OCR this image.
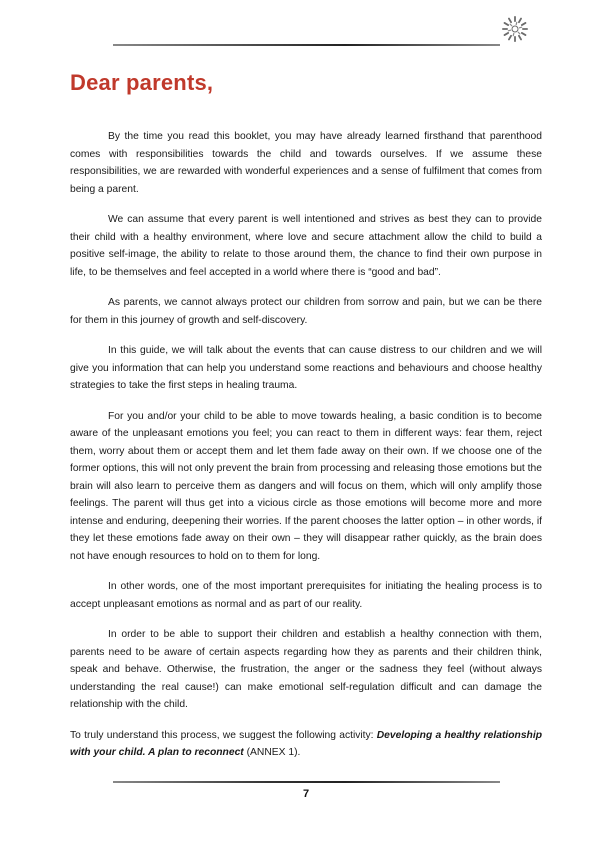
Dear parents,

By the time you read this booklet, you may have already learned firsthand that parenthood comes with responsibilities towards the child and towards ourselves. If we assume these responsibilities, we are rewarded with wonderful experiences and a sense of fulfilment that comes from being a parent.

We can assume that every parent is well intentioned and strives as best they can to provide their child with a healthy environment, where love and secure attachment allow the child to build a positive self-image, the ability to relate to those around them, the chance to find their own purpose in life, to be themselves and feel accepted in a world where there is “good and bad”.

As parents, we cannot always protect our children from sorrow and pain, but we can be there for them in this journey of growth and self-discovery.

In this guide, we will talk about the events that can cause distress to our children and we will give you information that can help you understand some reactions and behaviours and choose healthy strategies to take the first steps in healing trauma.

For you and/or your child to be able to move towards healing, a basic condition is to become aware of the unpleasant emotions you feel; you can react to them in different ways: fear them, reject them, worry about them or accept them and let them fade away on their own. If we choose one of the former options, this will not only prevent the brain from processing and releasing those emotions but the brain will also learn to perceive them as dangers and will focus on them, which will only amplify those feelings. The parent will thus get into a vicious circle as those emotions will become more and more intense and enduring, deepening their worries. If the parent chooses the latter option – in other words, if they let these emotions fade away on their own – they will disappear rather quickly, as the brain does not have enough resources to hold on to them for long.

In other words, one of the most important prerequisites for initiating the healing process is to accept unpleasant emotions as normal and as part of our reality.

In order to be able to support their children and establish a healthy connection with them, parents need to be aware of certain aspects regarding how they as parents and their children think, speak and behave. Otherwise, the frustration, the anger or the sadness they feel (without always understanding the real cause!) can make emotional self-regulation difficult and can damage the relationship with the child.

To truly understand this process, we suggest the following activity: Developing a healthy relationship with your child. A plan to reconnect (ANNEX 1).

7
